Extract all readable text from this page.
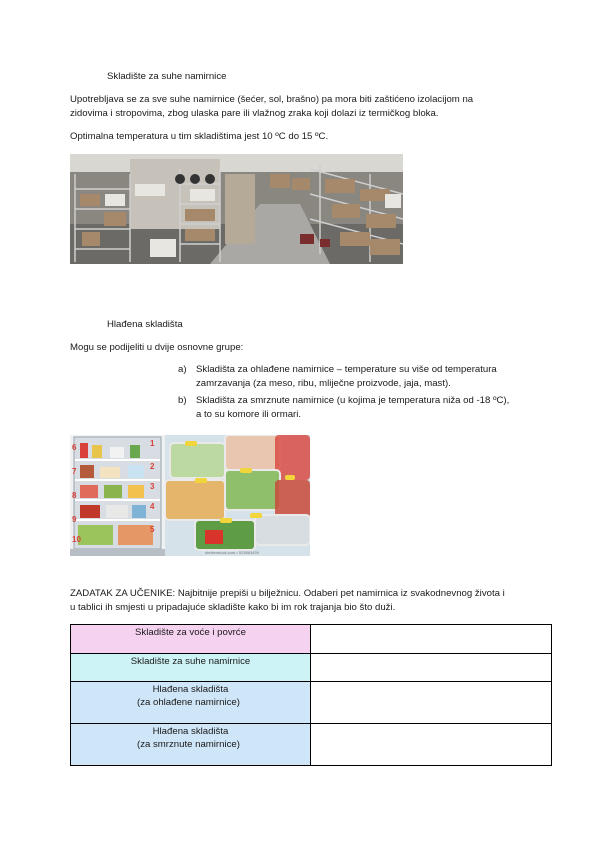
Skladište za suhe namirnice
Upotrebljava se za sve suhe namirnice (šećer, sol, brašno) pa mora biti zaštićeno izolacijom na
zidovima i stropovima, zbog ulaska pare ili vlažnog zraka koji dolazi iz termičkog bloka.
Optimalna temperatura u tim skladištima jest 10 ºC do 15 ºC.
Hlađena skladišta
Mogu se podijeliti u dvije osnovne grupe:
a) Skladišta za ohlađene namirnice – temperature su više od temperatura
zamrzavanja (za meso, ribu, mliječne proizvode, jaja, mast).
b) Skladišta za smrznute namirnice (u kojima je temperatura niža od -18 ºC),
a to su komore ili ormari.
1
2
3
4
5
6
7
8
9
10
shutterstock.com • 523863439
ZADATAK ZA UČENIKE: Najbitnije prepiši u bilježnicu. Odaberi pet namirnica iz svakodnevnog života i
u tablici ih smjesti u pripadajuće skladište kako bi im rok trajanja bio što duži.
Skladište za voće i povrće	
Skladište za suhe namirnice	

Hlađena skladišta
(za ohlađene namirnice)	

Hlađena skladišta
(za smrznute namirnice)	
